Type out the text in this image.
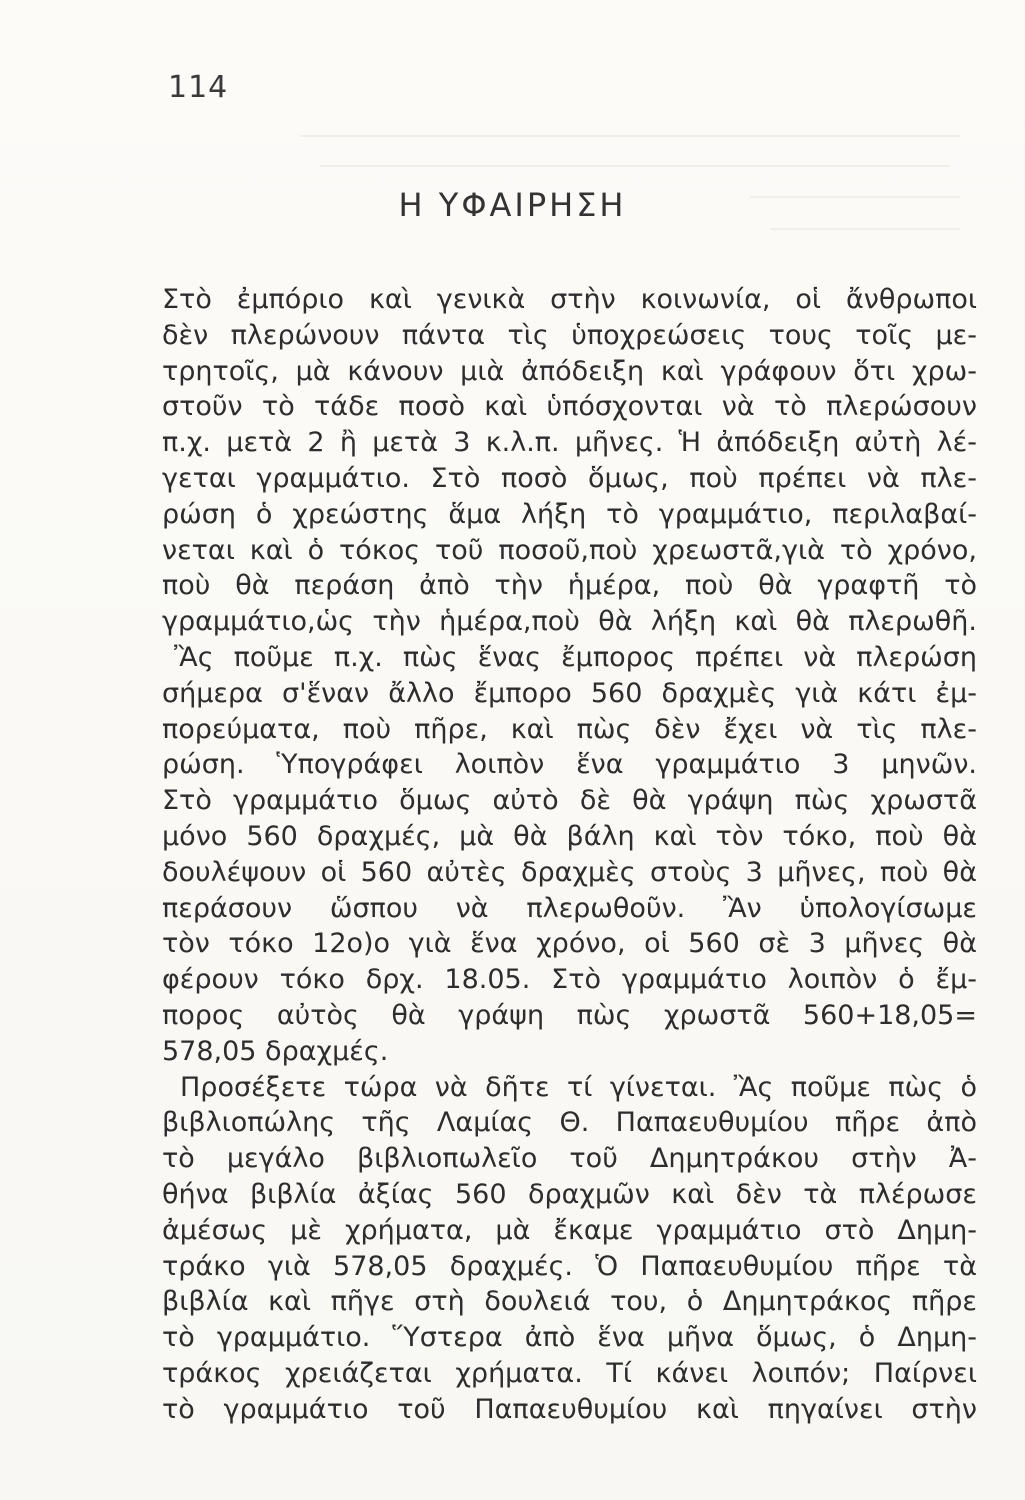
114
Η ΥΦΑΙΡΗΣΗ
Στὸ ἐμπόριο καὶ γενικὰ στὴν κοινωνία, οἱ ἄνθρωποι
δὲν πλερώνουν πάντα τὶς ὑποχρεώσεις τους τοῖς με-
τρητοῖς, μὰ κάνουν μιὰ ἀπόδειξη καὶ γράφουν ὅτι χρω-
στοῦν τὸ τάδε ποσὸ καὶ ὑπόσχονται νὰ τὸ πλερώσουν
π.χ. μετὰ 2 ἢ μετὰ 3 κ.λ.π. μῆνες. Ἡ ἀπόδειξη αὐτὴ λέ-
γεται γραμμάτιο. Στὸ ποσὸ ὅμως, ποὺ πρέπει νὰ πλε-
ρώση ὁ χρεώστης ἅμα λήξη τὸ γραμμάτιο, περιλαβαί-
νεται καὶ ὁ τόκος τοῦ ποσοῦ,ποὺ χρεωστᾶ,γιὰ τὸ χρόνο,
ποὺ θὰ περάση ἀπὸ τὴν ἡμέρα, ποὺ θὰ γραφτῆ τὸ
γραμμάτιο,ὡς τὴν ἡμέρα,ποὺ θὰ λήξη καὶ θὰ πλερωθῆ.
Ἂς ποῦμε π.χ. πὼς ἕνας ἔμπορος πρέπει νὰ πλερώση
σήμερα σ'ἕναν ἄλλο ἔμπορο 560 δραχμὲς γιὰ κάτι ἐμ-
πορεύματα, ποὺ πῆρε, καὶ πὼς δὲν ἔχει νὰ τὶς πλε-
ρώση. Ὑπογράφει λοιπὸν ἕνα γραμμάτιο 3 μηνῶν.
Στὸ γραμμάτιο ὅμως αὐτὸ δὲ θὰ γράψη πὼς χρωστᾶ
μόνο 560 δραχμές, μὰ θὰ βάλη καὶ τὸν τόκο, ποὺ θὰ
δουλέψουν οἱ 560 αὐτὲς δραχμὲς στοὺς 3 μῆνες, ποὺ θὰ
περάσουν ὥσπου νὰ πλερωθοῦν. Ἂν ὑπολογίσωμε
τὸν τόκο 12ο)ο γιὰ ἕνα χρόνο, οἱ 560 σὲ 3 μῆνες θὰ
φέρουν τόκο δρχ. 18.05. Στὸ γραμμάτιο λοιπὸν ὁ ἔμ-
πορος αὐτὸς θὰ γράψη πὼς χρωστᾶ 560+18,05=
578,05 δραχμές.
Προσέξετε τώρα νὰ δῆτε τί γίνεται. Ἂς ποῦμε πὼς ὁ
βιβλιοπώλης τῆς Λαμίας Θ. Παπαευθυμίου πῆρε ἀπὸ
τὸ μεγάλο βιβλιοπωλεῖο τοῦ Δημητράκου στὴν Ἀ-
θήνα βιβλία ἀξίας 560 δραχμῶν καὶ δὲν τὰ πλέρωσε
ἀμέσως μὲ χρήματα, μὰ ἔκαμε γραμμάτιο στὸ Δημη-
τράκο γιὰ 578,05 δραχμές. Ὁ Παπαευθυμίου πῆρε τὰ
βιβλία καὶ πῆγε στὴ δουλειά του, ὁ Δημητράκος πῆρε
τὸ γραμμάτιο. Ὕστερα ἀπὸ ἕνα μῆνα ὅμως, ὁ Δημη-
τράκος χρειάζεται χρήματα. Τί κάνει λοιπόν; Παίρνει
τὸ γραμμάτιο τοῦ Παπαευθυμίου καὶ πηγαίνει στὴν
